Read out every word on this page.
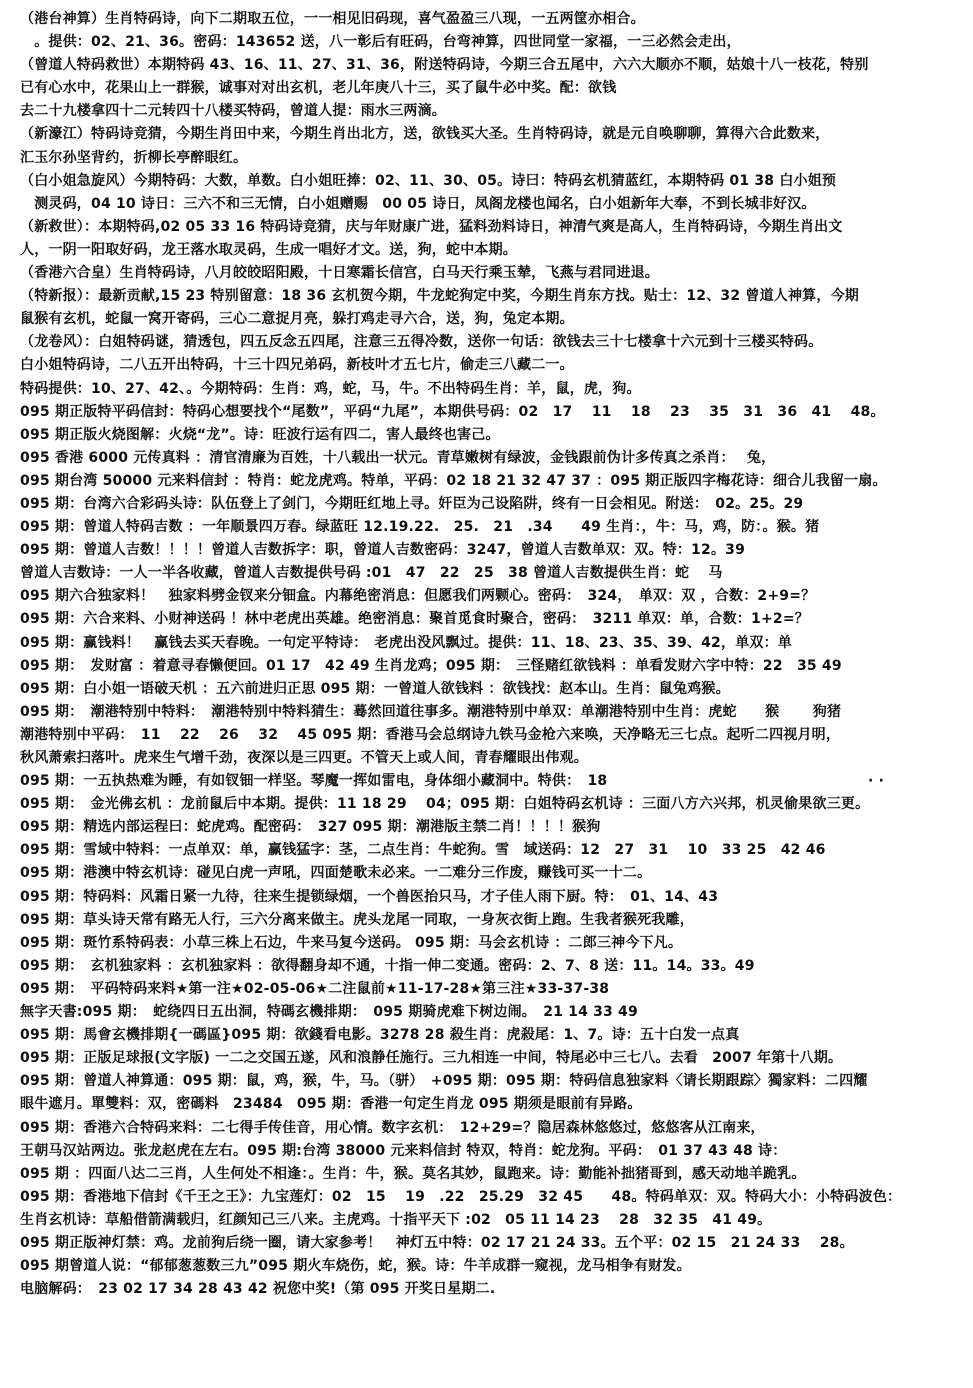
（港台神算）生肖特码诗，向下二期取五位，一一相见旧码现，喜气盈盈三八现，一五两筐亦相合。
　。提供：02、21、36。密码：143652 送，八一彰后有旺码，台弯神算，四世同堂一家福，一三必然会走出，
（曾道人特码救世）本期特码 43、16、11、27、31、36，附送特码诗，今期三合五尾中，六六大顺亦不顺，姑娘十八一枝花，特别
已有心水中，花果山上一群猴，诚事对对出玄机，老儿年庚八十三，买了鼠牛必中奖。配：欲钱
去二十九楼拿四十二元转四十八楼买特码，曾道人提：雨水三两滴。
（新濠江）特码诗竞猜，今期生肖田中来，今期生肖出北方，送，欲钱买大圣。生肖特码诗，就是元自唤聊聊，算得六合此数来，
汇玉尔孙坚背约，折柳长亭醉眼红。
（白小姐急旋风）今期特码：大数，单数。白小姐旺捧：02、11、30、05。诗曰：特码玄机猜蓝红，本期特码 01 38 白小姐预
　测灵码，04 10 诗日：三六不和三无情，白小姐赠赐　00 05 诗日，凤阁龙楼也闻名，白小姐新年大奉，不到长城非好汉。
（新救世）：本期特码,02 05 33 16 特码诗竞猜，庆与年财康广进，猛料劲料诗日，神清气爽是高人，生肖特码诗，今期生肖出文
人，一阴一阳取好码，龙王落水取灵码，生成一唱好才文。送，狗，蛇中本期。
（香港六合皇）生肖特码诗，八月皎皎昭阳殿，十日寒霜长信宫，白马天行乘玉辇，飞燕与君同进退。
（特新报）：最新贡献,15 23 特别留意：18 36 玄机贺今期，牛龙蛇狗定中奖，今期生肖东方找。贴士：12、32 曾道人神算，今期
鼠猴有玄机，蛇鼠一窝开寄码，三心二意捉月亮，躲打鸡走寻六合，送，狗，兔定本期。
（龙卷风）：白姐特码谜，猜透包，四五反念五四尾，注意三五得冷数，送你一句话：欲钱去三十七楼拿十六元到十三楼买特码。
白小姐特码诗，二八五开出特码，十三十四兄弟码，新枝叶才五七片，偷走三八藏二一。
特码提供：10、27、42、。今期特码：生肖：鸡，蛇，马，牛。不出特码生肖：羊，鼠，虎，狗。
095 期正版特平码信封：特码心想要找个“尾数”，平码“九尾”，本期供号码：02　17　 11　 18　 23　 35　31　36　41　 48。
095 期正版火烧图解：火烧“龙”。诗：旺波行运有四二，害人最终也害己。
095 香港 6000 元传真料 ：清官清廉为百姓，十八载出一状元。青草嫩树有绿波，金钱跟前伪计多传真之杀肖：　 兔，
095 期台湾 50000 元来料信封 ：特肖：蛇龙虎鸡。特单，平码：02 18 21 32 47 37 ：095 期正版四字梅花诗：细合儿我留一扇。
095 期：台湾六合彩码头诗：队伍登上了剑门，今期旺红地上寻。奸臣为己设陷阱，终有一日会相见。附送：　02。25。29
095 期：曾道人特码吉数 ：一年顺景四万春。绿蓝旺 12.19.22.　25.　21　.34　　49 生肖：，牛：马，鸡，防：。猴。猪
095 期：曾道人吉数！！！！曾道人吉数拆字：职，曾道人吉数密码：3247，曾道人吉数单双：双。特：12。39
曾道人吉数诗：一人一半各收藏，曾道人吉数提供号码 :01　47　22　25　38 曾道人吉数提供生肖：蛇　 马
095 期六合独家料！　独家料劈金钗来分钿盒。内幕绝密消息：但愿我们两颗心。密码：　324，　单双：双 ，合数：2+9=？
095 期：六合来料、小财神送码 ！林中老虎出英雄。绝密消息：聚首觅食时聚合，密码：　3211 单双：单，合数：1+2=？
095 期：赢钱料！　赢钱去买天春晚。一句定平特诗：　老虎出没风飘过。提供：11、18、23、35、39、42，单双：单
095 期：　发财富 ：着意寻春懒便回。01 17　42 49 生肖龙鸡；095 期：　三怪赌红欲钱料 ：单看发财六字中特：22　35 49
095 期：白小姐一语破天机 ：五六前进归正思 095 期：一曾道人欲钱料 ：欲钱找：赵本山。生肖：鼠兔鸡猴。
095 期：　潮港特别中特料：　潮港特别中特料猜生：蓦然回道往事多。潮港特别中单双：单潮港特别中生肖：虎蛇　　猴　　 狗猪
潮港特别中平码：　11　 22　 26　 32　 45 095 期：香港马会总纲诗九铁马金枪六来唤，天净略无三七点。起听二四视月明，
秋风萧索扫落叶。虎来生气增千劲，夜深以是三四更。不管天上或人间，青春耀眼出伟观。
095 期：一五执热难为睡，有如钗钿一样坚。琴魔一挥如雷电，身体细小藏洞中。特供：　18　　　　　　　　　　　　　　　　　　 · ·
095 期：　金光佛玄机 ：龙前鼠后中本期。提供：11 18 29　 04；095 期：白姐特码玄机诗 ：三面八方六兴邦，机灵偷果欲三更。
095 期：精选内部运程曰：蛇虎鸡。配密码：　327 095 期：潮港版主禁二肖！！！！猴狗
095 期：雪域中特料：一点单双：单，赢钱猛字：茎，二点生肖：牛蛇狗。雪　域送码：12　27　31　 10　33 25　42 46
095 期：港澳中特玄机诗：碰见白虎一声吼，四面楚歌未必来。一二难分三作废，赚钱可买一十二。
095 期：特码料：风霜日紧一九待，往来生提锁绿烟，一个兽医抬只马，才子佳人雨下厨。特：　01、14、43
095 期：草头诗天常有路无人行，三六分离来做主。虎头龙尾一同取，一身灰衣街上跑。生我者猴死我雕，
095 期：斑竹系特码表：小草三株上石边，牛来马复今送码。 095 期：马会玄机诗 ：二郎三神今下凡。
095 期：　玄机独家料 ：玄机独家料 ：欲得翻身却不通，十指一伸二变通。密码：2、7、8 送：11。14。33。49
095 期：　平码特码来料★第一注★02-05-06★二注鼠前★11-17-28★第三注★33-37-38
無字天書:095 期：　蛇绕四日五出洞，特碼玄機排期：　095 期骑虎难下树边闹。　21 14 33 49
095 期：馬會玄機排期{一碼區}095 期：欲錢看电影。3278 28 殺生肖：虎殺尾：1、7。诗：五十白发一点真
095 期：正版足球报(文字版) 一二之交国五遂，风和浪静任施行。三九相连一中间，特尾必中三七八。去看　2007 年第十八期。
095 期：曾道人神算通：095 期：鼠，鸡，猴，牛，马。（骈）　+095 期：095 期：特码信息独家料〈请长期跟踪〉獨家料：二四耀
眼牛遮月。單雙料：双，密碼料　23484　095 期：香港一句定生肖龙 095 期须是眼前有异路。
095 期：香港六合特码来料：二七得手传佳音，用心情。数字玄机：　12+29=？隐居森林悠悠过，悠悠客从江南来，
王朝马汉站两边。张龙赵虎在左右。095 期:台湾 38000 元来料信封 特双，特肖：蛇龙狗。平码：　01 37 43 48 诗：
095 期 ：四面八达二三肖，人生何处不相逢：。生肖：牛，猴。莫名其妙，鼠跑来。诗：勤能补拙猪哥到，感天动地羊跪乳。
095 期：香港地下信封《千王之王》：九宝莲灯：02　15　 19　.22　25.29　32 45　　48。特码单双：双。特码大小：小特码波色：
生肖玄机诗：草船借箭满载归，红颜知己三八来。主虎鸡。十指平天下 :02　05 11 14 23　 28　32 35　41 49。
095 期正版神灯禁：鸡。龙前狗后绕一圈，请大家参考！　神灯五中特：02 17 21 24 33。五个平：02 15　21 24 33　 28。
095 期曾道人说：“郁郁葱葱数三九”095 期火车烧伤，蛇，猴。诗：牛羊成群一窥视，龙马相争有财发。
电脑解码：　23 02 17 34 28 43 42 祝您中奖!（第 095 开奖日星期二.
